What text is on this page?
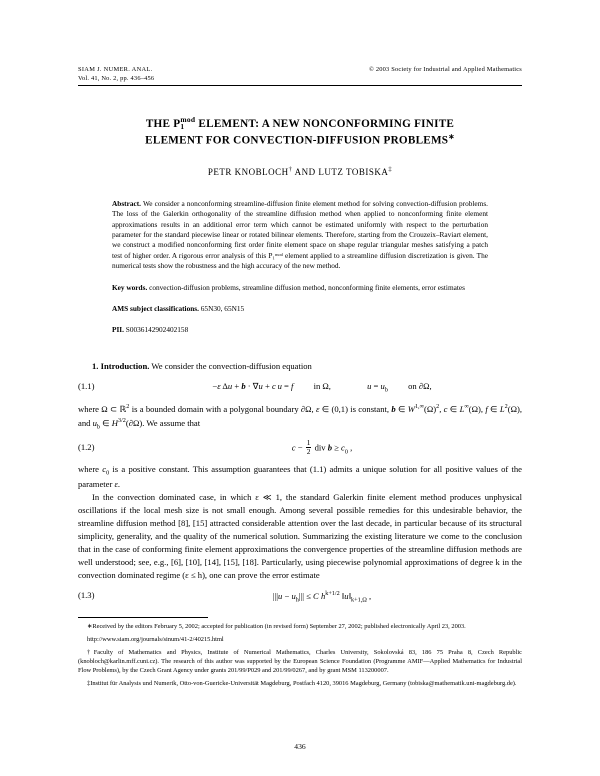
SIAM J. NUMER. ANAL.
Vol. 41, No. 2, pp. 436–456
© 2003 Society for Industrial and Applied Mathematics
THE P mod
1 ELEMENT: A NEW NONCONFORMING FINITE
ELEMENT FOR CONVECTION-DIFFUSION PROBLEMS∗
PETR KNOBLOCH† AND LUTZ TOBISKA‡
Abstract. We consider a nonconforming streamline-diffusion finite element method for solving convection-diffusion problems. The loss of the Galerkin orthogonality of the streamline diffusion method when applied to nonconforming finite element approximations results in an additional error term which cannot be estimated uniformly with respect to the perturbation parameter for the standard piecewise linear or rotated bilinear elements. Therefore, starting from the Crouzeix–Raviart element, we construct a modified nonconforming first order finite element space on shape regular triangular meshes satisfying a patch test of higher order. A rigorous error analysis of this P₁ᵐᵒᵈ element applied to a streamline diffusion discretization is given. The numerical tests show the robustness and the high accuracy of the new method.
Key words. convection-diffusion problems, streamline diffusion method, nonconforming finite elements, error estimates
AMS subject classifications. 65N30, 65N15
PII. S0036142902402158

1. Introduction. We consider the convection-diffusion equation

(1.1)	−ε Δu + b · ∇u + c  u = f in Ω,	$u = u_b$ on ∂Ω,

where Ω ⊂ ℝ$^2$ is a bounded domain with a polygonal boundary ∂Ω, ε ∈ (0,1) is constant, b ∈ $W^{1,\infty}(\Omega)^2$, c ∈ L∞(Ω), f ∈ $L^2(\Omega)$, and $u_b$ ∈ $H^{3/2}(\partial\Omega)$. We assume that

(1.2)	$c - \frac{1}{2}$ div $b \ge c_0$ ,

where $c_0$ is a positive constant. This assumption guarantees that (1.1) admits a unique solution for all positive values of the parameter ε.

In the convection dominated case, in which ε ≪ 1, the standard Galerkin finite element method produces unphysical oscillations if the local mesh size is not small enough. Among several possible remedies for this undesirable behavior, the streamline diffusion method [8], [15] attracted considerable attention over the last decade, in particular because of its structural simplicity, generality, and the quality of the numerical solution. Summarizing the existing literature we come to the conclusion that in the case of conforming finite element approximations the convergence properties of the streamline diffusion methods are well understood; see, e.g., [6], [10], [14], [15], [18]. Particularly, using piecewise polynomial approximations of degree k in the convection dominated regime (ε ≤ h), one can prove the error estimate

(1.3)	$|||u - u_h||| \le C$ $h^{k+1/2}$ $‖u‖_{k+1,\Omega}$ ,

∗Received by the editors February 5, 2002; accepted for publication (in revised form) September 27, 2002; published electronically April 23, 2003.

http://www.siam.org/journals/sinum/41-2/40215.html

†Faculty of Mathematics and Physics, Institute of Numerical Mathematics, Charles University, Sokolovská 83, 186 75 Praha 8, Czech Republic (knobloch@karlin.mff.cuni.cz). The research of this author was supported by the European Science Foundation (Programme AMIF—Applied Mathematics for Industrial Flow Problems), by the Czech Grant Agency under grants 201/99/P029 and 201/99/0267, and by grant MSM 113200007.

‡Institut für Analysis und Numerik, Otto-von-Guericke-Universität Magdeburg, Postfach 4120, 39016 Magdeburg, Germany (tobiska@mathematik.uni-magdeburg.de).

436
